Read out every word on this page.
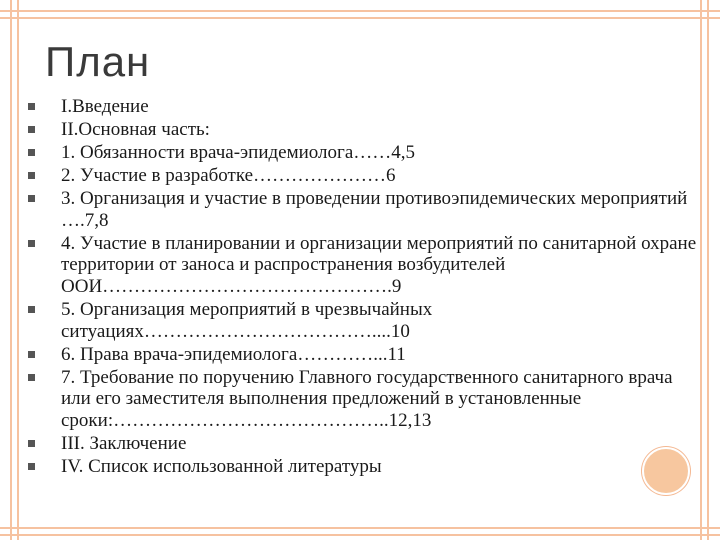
План
I.Введение
II.Основная часть:
1. Обязанности врача-эпидемиолога……4,5
2. Участие в разработке…………………6
3. Организация и участие в проведении противоэпидемических мероприятий ….7,8
4. Участие в планировании и организации мероприятий по санитарной охране территории от заноса и распространения возбудителей ООИ……………………………………….9
5. Организация мероприятий в чрезвычайных ситуациях………………………………....10
6. Права врача-эпидемиолога…………...11
7. Требование по поручению Главного государственного санитарного врача или его заместителя выполнения предложений в установленные сроки:……………………………………..12,13
III. Заключение
IV. Список использованной литературы
